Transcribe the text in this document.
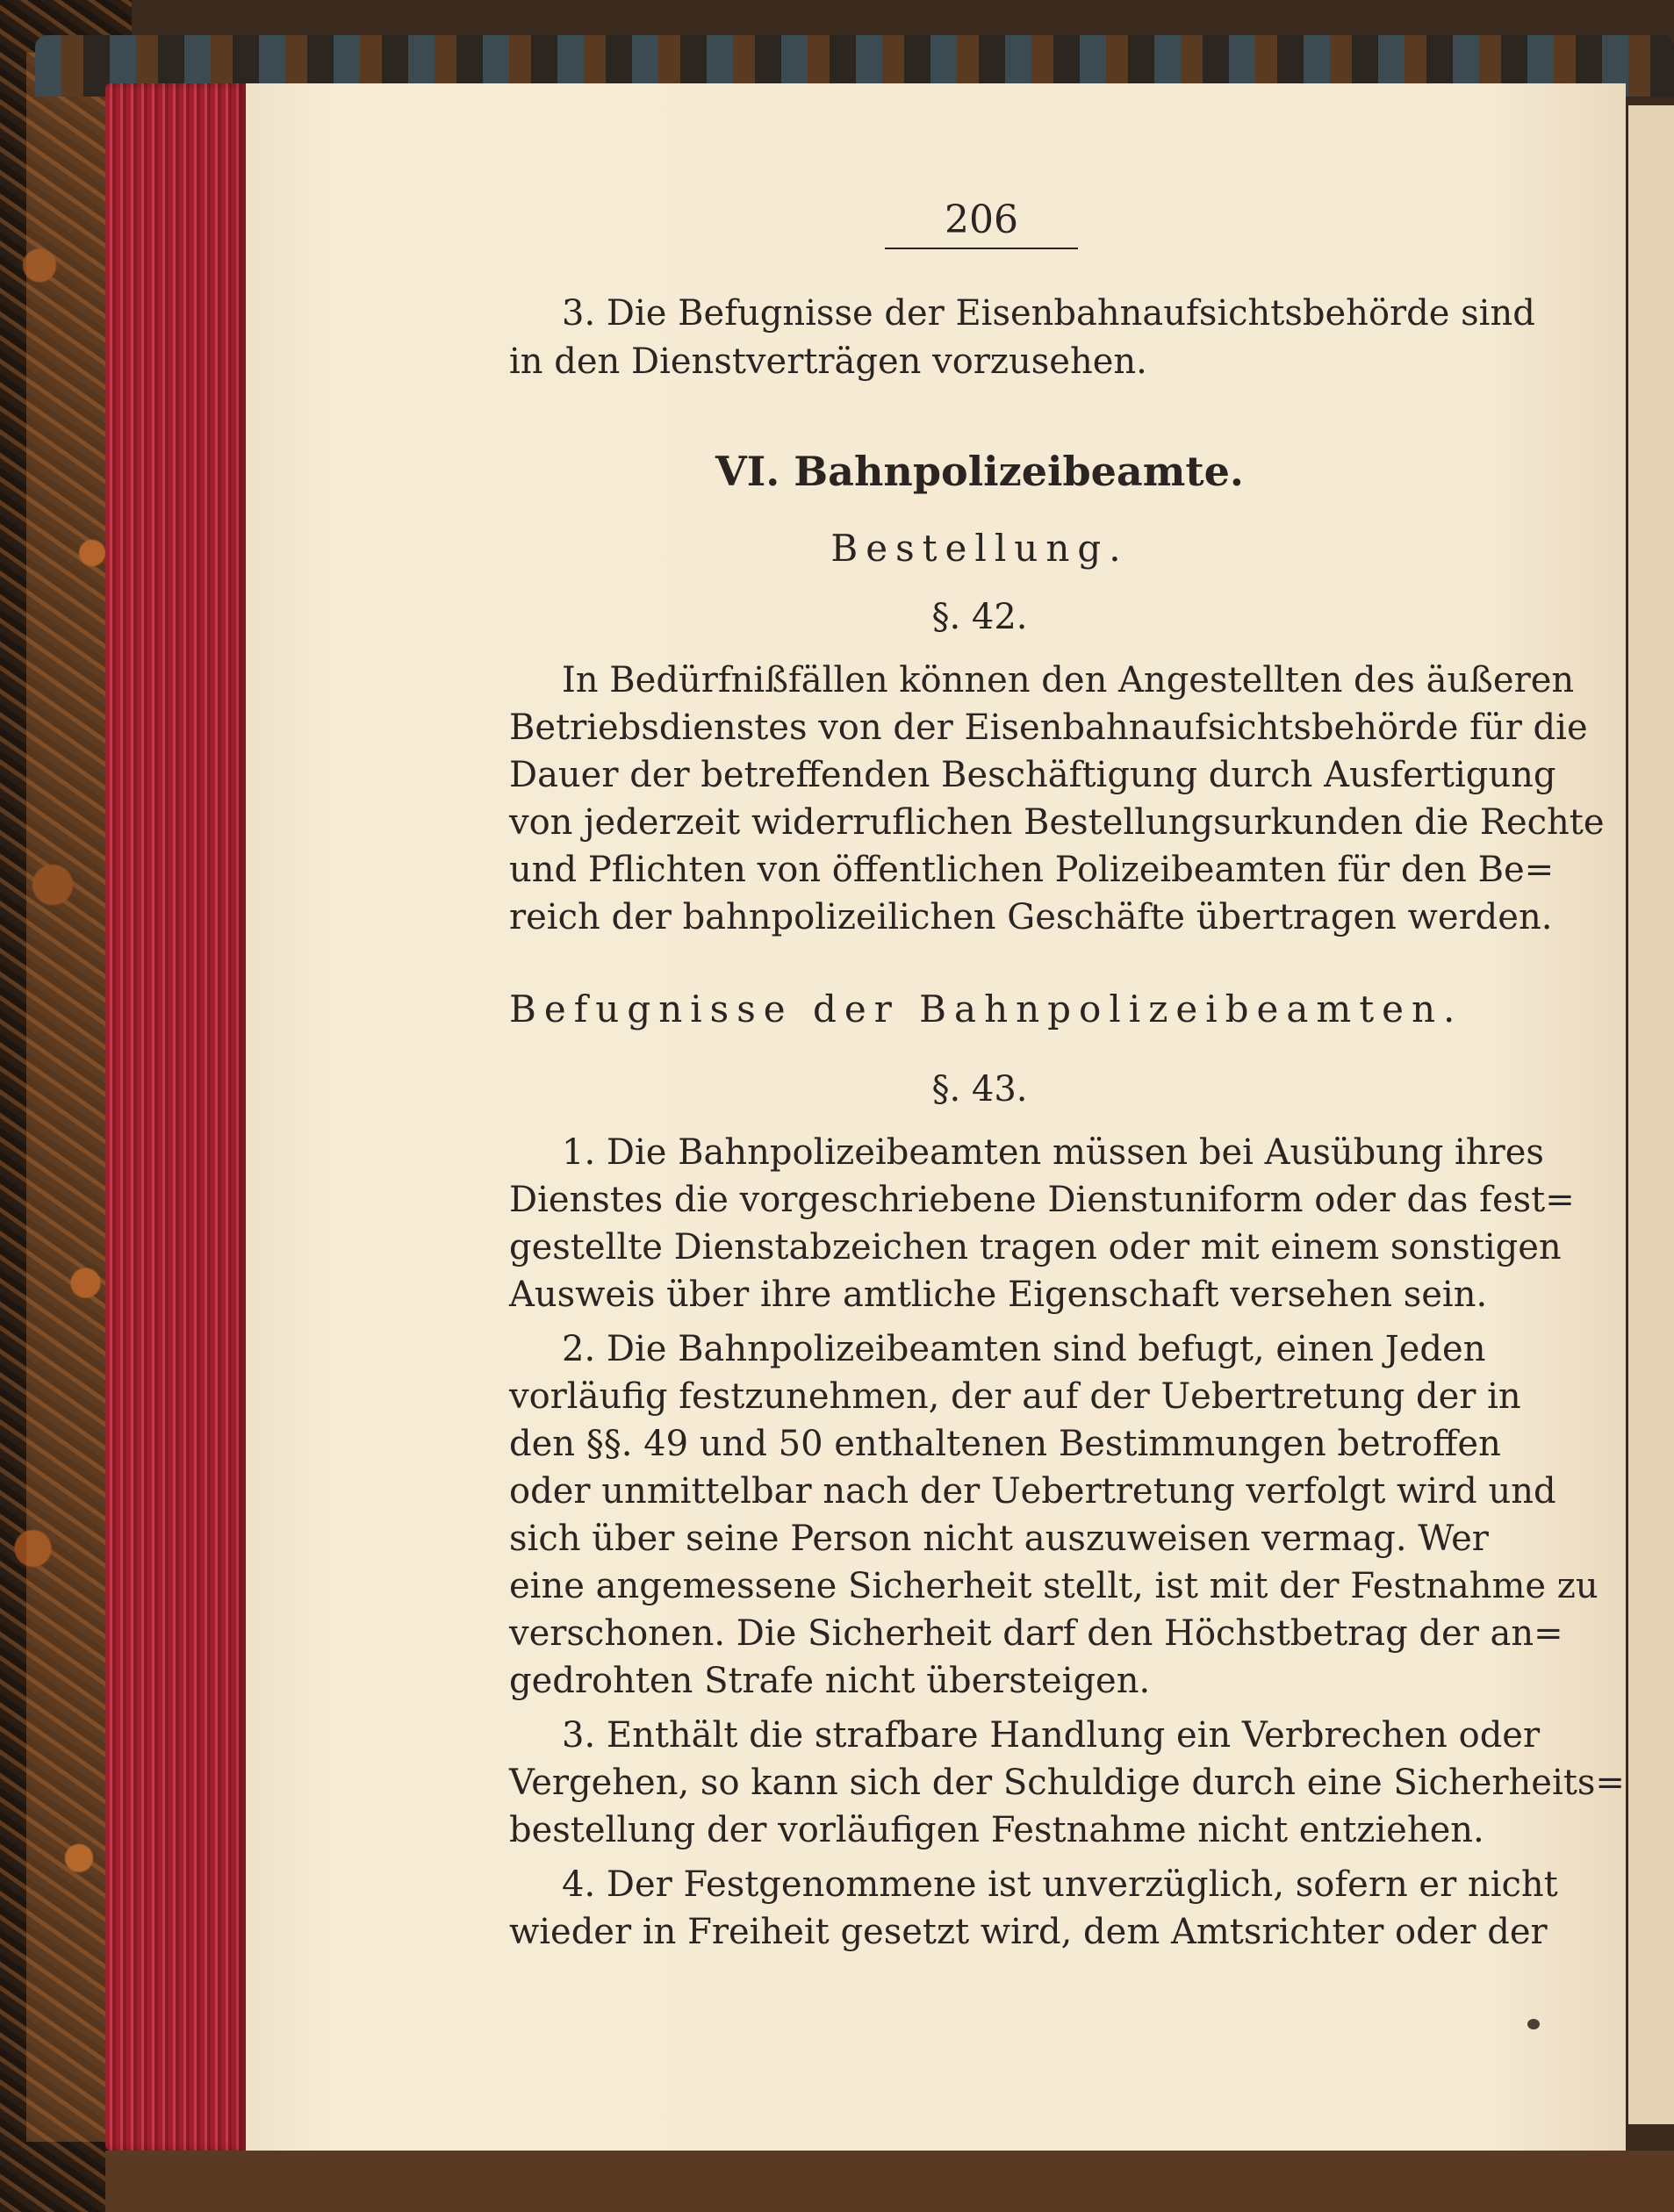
206
3. Die Befugnisse der Eisenbahnaufsichtsbehörde sind
in den Dienstverträgen vorzusehen.
VI. Bahnpolizeibeamte.
Bestellung.
§. 42.
In Bedürfnißfällen können den Angestellten des äußeren
Betriebsdienstes von der Eisenbahnaufsichtsbehörde für die
Dauer der betreffenden Beschäftigung durch Ausfertigung
von jederzeit widerruflichen Bestellungsurkunden die Rechte
und Pflichten von öffentlichen Polizeibeamten für den Be=
reich der bahnpolizeilichen Geschäfte übertragen werden.
Befugnisse der Bahnpolizeibeamten.
§. 43.
1. Die Bahnpolizeibeamten müssen bei Ausübung ihres
Dienstes die vorgeschriebene Dienstuniform oder das fest=
gestellte Dienstabzeichen tragen oder mit einem sonstigen
Ausweis über ihre amtliche Eigenschaft versehen sein.
2. Die Bahnpolizeibeamten sind befugt, einen Jeden
vorläufig festzunehmen, der auf der Uebertretung der in
den §§. 49 und 50 enthaltenen Bestimmungen betroffen
oder unmittelbar nach der Uebertretung verfolgt wird und
sich über seine Person nicht auszuweisen vermag. Wer
eine angemessene Sicherheit stellt, ist mit der Festnahme zu
verschonen. Die Sicherheit darf den Höchstbetrag der an=
gedrohten Strafe nicht übersteigen.
3. Enthält die strafbare Handlung ein Verbrechen oder
Vergehen, so kann sich der Schuldige durch eine Sicherheits=
bestellung der vorläufigen Festnahme nicht entziehen.
4. Der Festgenommene ist unverzüglich, sofern er nicht
wieder in Freiheit gesetzt wird, dem Amtsrichter oder der
